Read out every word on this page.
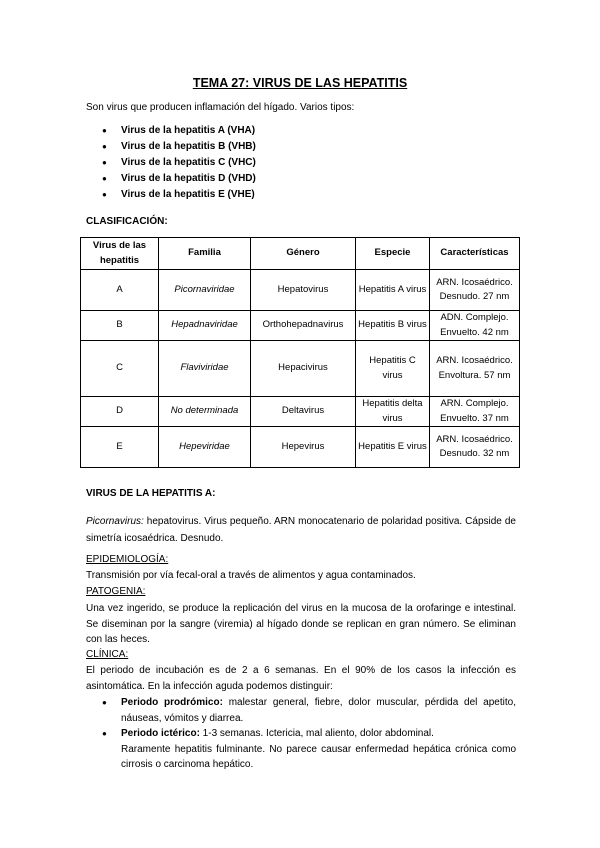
TEMA 27: VIRUS DE LAS HEPATITIS
Son virus que producen inflamación del hígado. Varios tipos:
● Virus de la hepatitis A (VHA)
● Virus de la hepatitis B (VHB)
● Virus de la hepatitis C (VHC)
● Virus de la hepatitis D (VHD)
● Virus de la hepatitis E (VHE)
CLASIFICACIÓN:
Virus de las hepatitis	Familia	Género	Especie	Características
A	Picornaviridae	Hepatovirus	Hepatitis A virus	ARN. Icosaédrico. Desnudo. 27 nm
B	Hepadnaviridae	Orthohepadnavirus	Hepatitis B virus	ADN. Complejo. Envuelto. 42 nm
C	Flaviviridae	Hepacivirus	Hepatitis C virus	ARN. Icosaédrico. Envoltura. 57 nm
D	No determinada	Deltavirus	Hepatitis delta virus	ARN. Complejo. Envuelto. 37 nm
E	Hepeviridae	Hepevirus	Hepatitis E virus	ARN. Icosaédrico. Desnudo. 32 nm
VIRUS DE LA HEPATITIS A:
Picornavirus: hepatovirus. Virus pequeño. ARN monocatenario de polaridad positiva. Cápside de simetría icosaédrica. Desnudo.
EPIDEMIOLOGÍA:
Transmisión por vía fecal-oral a través de alimentos y agua contaminados.
PATOGENIA:
Una vez ingerido, se produce la replicación del virus en la mucosa de la orofaringe e intestinal. Se diseminan por la sangre (viremia) al hígado donde se replican en gran número. Se eliminan con las heces.
CLÍNICA:
El periodo de incubación es de 2 a 6 semanas. En el 90% de los casos la infección es asintomática. En la infección aguda podemos distinguir:
● Periodo prodrómico: malestar general, fiebre, dolor muscular, pérdida del apetito, náuseas, vómitos y diarrea.
● Periodo ictérico: 1-3 semanas. Ictericia, mal aliento, dolor abdominal.
Raramente hepatitis fulminante. No parece causar enfermedad hepática crónica como cirrosis o carcinoma hepático.
